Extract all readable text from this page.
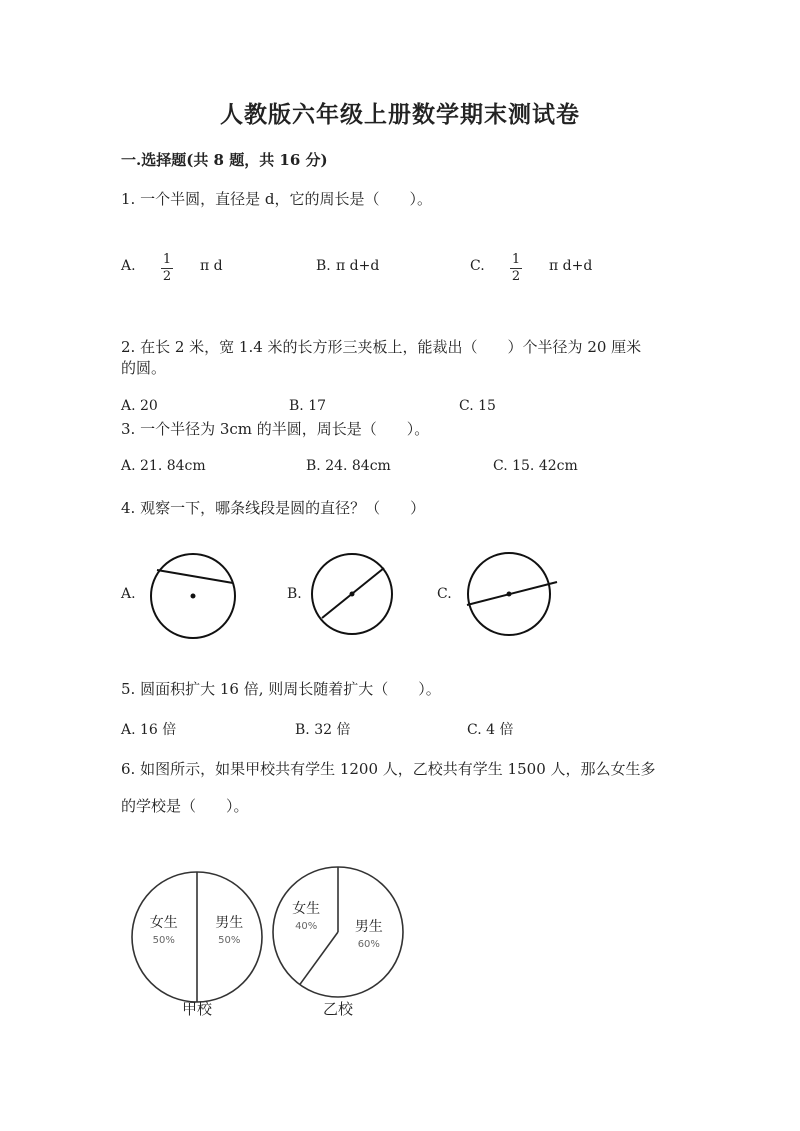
人教版六年级上册数学期末测试卷
一.选择题(共 8 题，共 16 分)
1. 一个半圆，直径是 d，它的周长是（　　）。
A. $\frac{1}{2}$ π d	B. π d+d	C. $\frac{1}{2}$ π d+d
2. 在长 2 米，宽 1.4 米的长方形三夹板上，能裁出（　　）个半径为 20 厘米
的圆。
A. 20	B. 17	C. 15
3. 一个半径为 3cm 的半圆，周长是（　　）。
A. 21. 84cm	B. 24. 84cm	C. 15. 42cm
4. 观察一下，哪条线段是圆的直径？（　　）
A.	B.	C.
5. 圆面积扩大 16 倍, 则周长随着扩大（　　）。
A. 16 倍	B. 32 倍	C. 4 倍
6. 如图所示，如果甲校共有学生 1200 人，乙校共有学生 1500 人，那么女生多
的学校是（　　）。
女生
50%
男生
50%
甲校
女生
40%	男生
60%
乙校
